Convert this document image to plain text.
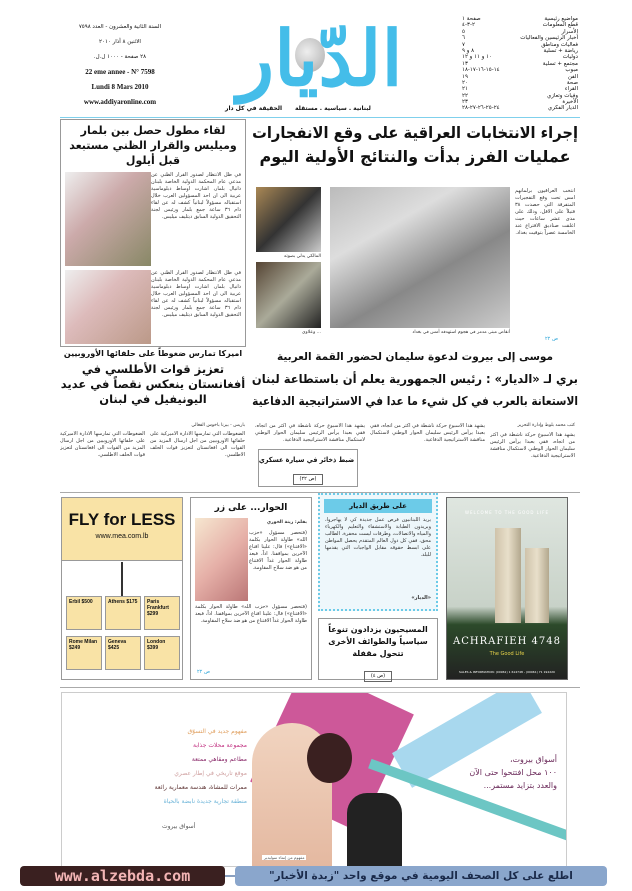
مواضيع رئيسية
صفحة ١
قطع المعلومات
٢-٣-٤
الأسرار
٥
أخبار الرئيسين والفعاليات
٦
فعاليات ومناطق
٧
رياضة + تسلية
٨ و ٩
دوليات
١٠ و ١١ و ١٢
مجتمع + تسلية
١٣
مبوب
١٤-١٥-١٦-١٧-١٨
الفن
١٩
صحة
٢٠
القراء
٢١
وفيات وتعازي
٢٢
الأخيرة
٢٣
الديار الفكري
٢٤-٢٥-٢٦-٢٧-٢٨
الدّيار
لبنانية . سياسية . مستقلة
الحقيقة في كل دار
السنة الثانية والعشرون - العدد ٧٥٩٨
الاثنين ٨ آذار ٢٠١٠
٢٨ صفحة - ١٠٠٠ ل.ل.
22 eme annee - N° 7598
Lundi 8 Mars 2010
www.addiyaronline.com
لقاء مطول حصل بين بلمار وميليس والقرار الظني مستبعد قبل أيلول
في ظل الانتظار لصدور القرار الظني عن مدعي عام المحكمة الدولية الخاصة بلبنان دانيال بلمار، اشارت اوساط دبلوماسية عربية الى ان احد المسؤولين العرب خلال استقباله مسؤولاً لبنانياً كشف له عن لقاء دام ٣٦ ساعة جمع بلمار ورئيس لجنة التحقيق الدولية السابق ديتليف ميليس.
في ظل الانتظار لصدور القرار الظني عن مدعي عام المحكمة الدولية الخاصة بلبنان دانيال بلمار، اشارت اوساط دبلوماسية عربية الى ان احد المسؤولين العرب خلال استقباله مسؤولاً لبنانياً كشف له عن لقاء دام ٣٦ ساعة جمع بلمار ورئيس لجنة التحقيق الدولية السابق ديتليف ميليس.
إجراء الانتخابات العراقية على وقع الانفجارات
عمليات الفرز بدأت والنتائج الأولية اليوم
المالكي يدلي بصوته
... وعلاوي	أنقاض مبنى مدمر في هجوم استهدفه أمس في بغداد
انتخب العراقيون برلمانهم امس تحت وقع التفجيرات المتفرقة التي حصدت ٣٨ قتيلاً على الاقل، وذلك على مدى عشر ساعات حيث اغلقت صناديق الاقتراع عند الخامسة عصراً بتوقيت بغداد.
ص ٢٢
اميركا تمارس ضغوطاً على حلفائها الأوروبيين
تعزيز قوات الأطلسي في أفغانستان ينعكس نقصاً في عديد اليونيفيل في لبنان
باريس - بيرنا باخوس الفغالي
الضغوطات التي تمارسها الادارة الاميركية على حلفائها الاوروبيين من اجل ارسال المزيد من القوات الى افغانستان لتعزيز قوات الحلف الاطلسي.
الضغوطات التي تمارسها الادارة الاميركية على حلفائها الاوروبيين من اجل ارسال المزيد من القوات الى افغانستان لتعزيز قوات الحلف الاطلسي.
موسى إلى بيروت لدعوة سليمان لحضور القمة العربية
بري لـ «الديار» : رئيس الجمهورية يعلم أن باستطاعة لبنان
الاستعانة بالعرب في كل شيء ما عدا في الاستراتيجية الدفاعية
كتب محمد بلوط وإدارة التحرير
يشهد هذا الاسبوع حركة ناشطة في اكثر من اتجاه، فقي بعبدا يرأس الرئيس سليمان الحوار الوطني لاستكمال مناقشة الاستراتيجية الدفاعية.
يشهد هذا الاسبوع حركة ناشطة في اكثر من اتجاه، فقي بعبدا يرأس الرئيس سليمان الحوار الوطني لاستكمال مناقشة الاستراتيجية الدفاعية.
يشهد هذا الاسبوع حركة ناشطة في اكثر من اتجاه، فقي بعبدا يرأس الرئيس سليمان الحوار الوطني لاستكمال مناقشة الاستراتيجية الدفاعية.
ضبط ذخائر في سيارة عسكري
(ص ٢٢)
FLY for LESS
www.mea.com.lb
Paris Frankfurt $299
Athens $175
Erbil $500
London $399
Geneva $425
Rome Milan $249
الحوار... على زر
بقلم: زينة الخوري
(فتحصر مسؤول «حزب الله» طاولة الحوار بكلمة «الاقتناع») قال: علينا اقناع الآخرين بمواقفنا. اذاً، فبعد طاولة الحوار غداً الاقتناع من هو ضد سلاح المقاومة.
(فتحصر مسؤول «حزب الله» طاولة الحوار بكلمة «الاقتناع») قال: علينا اقناع الآخرين بمواقفنا. اذاً، فبعد طاولة الحوار غداً الاقتناع من هو ضد سلاح المقاومة.
ص ٢٢
على طريق الديار
يريد اللبنانيون فرص عمل جديدة كي لا يهاجروا، ويريدون الطبابة والاستشفاء والتعليم والكهرباء والمياه والاتصالات، وطرقات ليست محفرة. الطالب محق، ففي كل دول العالم المتقدم يحصل المواطن على ابسط حقوقه مقابل الواجبات التي يقدمها للبلد.
«الديار»
المسيحيون يزدادون تنوعاً سياسياً والطوائف الأخرى تتحول مقفلة
(ص ٤)
WELCOME TO THE GOOD LIFE
ACHRAFIEH 4748
The Good Life
SALES & INFORMATION: (00961) 1 614748 - (00961) 71 192220
مفهوم جديد في التسوّق
مجموعة محلات جذابة
مطاعم ومقاهي ممتعة
موقع تاريخي في إطار عصري
ممرات للمشاة، هندسة معمارية رائعة
منطقة تجارية جديدة نابضة بالحياة
أسواق بيروت
أسواق بيروت،
١٠٠ محل افتتحوا حتى الآن
والعدد بتزايد مستمر...
مفهوم من إنماء سوليدير
www.alzebda.com	اطلع على كل الصحف اليومية في موقع واحد "زبدة الأخبار"
